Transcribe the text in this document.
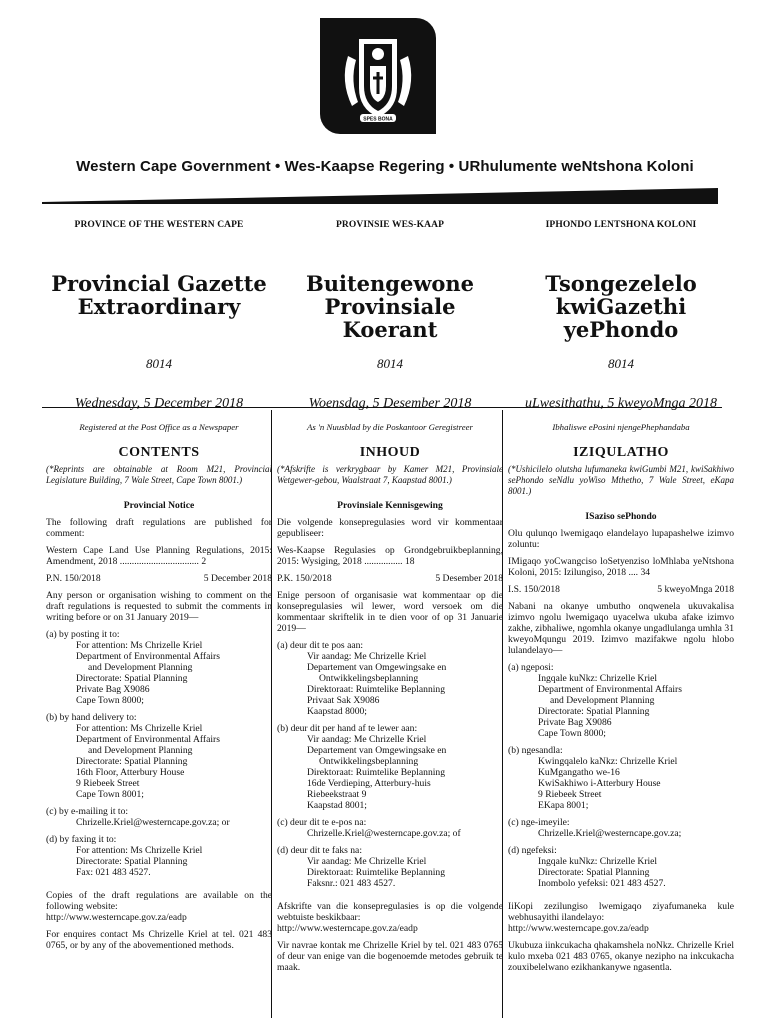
SPES BONA
Western Cape Government • Wes-Kaapse Regering • URhulumente weNtshona Koloni
PROVINCE OF THE WESTERN CAPE
Provincial Gazette
Extraordinary
8014
Wednesday, 5 December 2018
PROVINSIE WES-KAAP
Buitengewone
Provinsiale Koerant
8014
Woensdag, 5 Desember 2018
IPHONDO LENTSHONA KOLONI
Tsongezelelo
kwiGazethi yePhondo
8014
uLwesithathu, 5 kweyoMnga 2018
Registered at the Post Office as a Newspaper
CONTENTS
(*Reprints are obtainable at Room M21, Provincial Legislature Building, 7 Wale Street, Cape Town 8001.)
Provincial Notice

The following draft regulations are published for comment:

Western Cape Land Use Planning Regulations, 2015: Amendment, 2018 ................................. 2

P.N. 150/2018	5 December 2018

Any person or organisation wishing to comment on the draft regulations is requested to submit the comments in writing before or on 31 January 2019—

(a) by posting it to:
For attention: Ms Chrizelle Kriel
Department of Environmental Affairs
and Development Planning
Directorate: Spatial Planning
Private Bag X9086
Cape Town 8000;
(b) by hand delivery to:
For attention: Ms Chrizelle Kriel
Department of Environmental Affairs
and Development Planning
Directorate: Spatial Planning
16th Floor, Atterbury House
9 Riebeek Street
Cape Town 8001;
(c) by e-mailing it to:
Chrizelle.Kriel@westerncape.gov.za; or
(d) by faxing it to:
For attention: Ms Chrizelle Kriel
Directorate: Spatial Planning
Fax: 021 483 4527.

Copies of the draft regulations are available on the following website:

http://www.westerncape.gov.za/eadp

For enquires contact Ms Chrizelle Kriel at tel. 021 483 0765, or by any of the abovementioned methods.

As 'n Nuusblad by die Poskantoor Geregistreer
INHOUD
(*Afskrifte is verkrygbaar by Kamer M21, Provinsiale Wetgewer-gebou, Waalstraat 7, Kaapstad 8001.)
Provinsiale Kennisgewing

Die volgende konsepregulasies word vir kommentaar gepubliseer:

Wes-Kaapse Regulasies op Grondgebruikbeplanning, 2015: Wysiging, 2018 ................ 18

P.K. 150/2018	5 Desember 2018

Enige persoon of organisasie wat kommentaar op die konsepregulasies wil lewer, word versoek om die kommentaar skriftelik in te dien voor of op 31 Januarie 2019—

(a) deur dit te pos aan:
Vir aandag: Me Chrizelle Kriel
Departement van Omgewingsake en
Ontwikkelingsbeplanning
Direktoraat: Ruimtelike Beplanning
Privaat Sak X9086
Kaapstad 8000;
(b) deur dit per hand af te lewer aan:
Vir aandag: Me Chrizelle Kriel
Departement van Omgewingsake en
Ontwikkelingsbeplanning
Direktoraat: Ruimtelike Beplanning
16de Verdieping, Atterbury-huis
Riebeekstraat 9
Kaapstad 8001;
(c) deur dit te e-pos na:
Chrizelle.Kriel@westerncape.gov.za; of
(d) deur dit te faks na:
Vir aandag: Me Chrizelle Kriel
Direktoraat: Ruimtelike Beplanning
Faksnr.: 021 483 4527.

Afskrifte van die konsepregulasies is op die volgende webtuiste beskikbaar:

http://www.westerncape.gov.za/eadp

Vir navrae kontak me Chrizelle Kriel by tel. 021 483 0765 of deur van enige van die bogenoemde metodes gebruik te maak.

Ibhaliswe ePosini njengePhephandaba
IZIQULATHO
(*Ushicilelo olutsha lufumaneka kwiGumbi M21, kwiSakhiwo sePhondo seNdlu yoWiso Mthetho, 7 Wale Street, eKapa 8001.)
ISaziso sePhondo

Olu qulunqo lwemigaqo elandelayo lupapashelwe izimvo zoluntu:

IMigaqo yoCwangciso loSetyenziso loMhlaba yeNtshona Koloni, 2015: Izilungiso, 2018 .... 34

I.S. 150/2018	5 kweyoMnga 2018

Nabani na okanye umbutho onqwenela ukuvakalisa izimvo ngolu lwemigaqo uyacelwa ukuba afake izimvo zakhe, zibhaliwe, ngomhla okanye ungadlulanga umhla 31 kweyoMqungu 2019. Izimvo mazifakwe ngolu hlobo lulandelayo—

(a) ngeposi:
Ingqale kuNkz: Chrizelle Kriel
Department of Environmental Affairs
and Development Planning
Directorate: Spatial Planning
Private Bag X9086
Cape Town 8000;
(b) ngesandla:
Kwingqalelo kaNkz: Chrizelle Kriel
KuMgangatho we-16
KwiSakhiwo i-Atterbury House
9 Riebeek Street
EKapa 8001;
(c) nge-imeyile:
Chrizelle.Kriel@westerncape.gov.za;
(d) ngefeksi:
Ingqale kuNkz: Chrizelle Kriel
Directorate: Spatial Planning
Inombolo yefeksi: 021 483 4527.

IiKopi zezilungiso lwemigaqo ziyafumaneka kule webhusayithi ilandelayo:

http://www.westerncape.gov.za/eadp

Ukubuza iinkcukacha qhakamshela noNkz. Chrizelle Kriel kulo mxeba 021 483 0765, okanye nezipho na inkcukacha zouxibelelwano ezikhankanywe ngasentla.
